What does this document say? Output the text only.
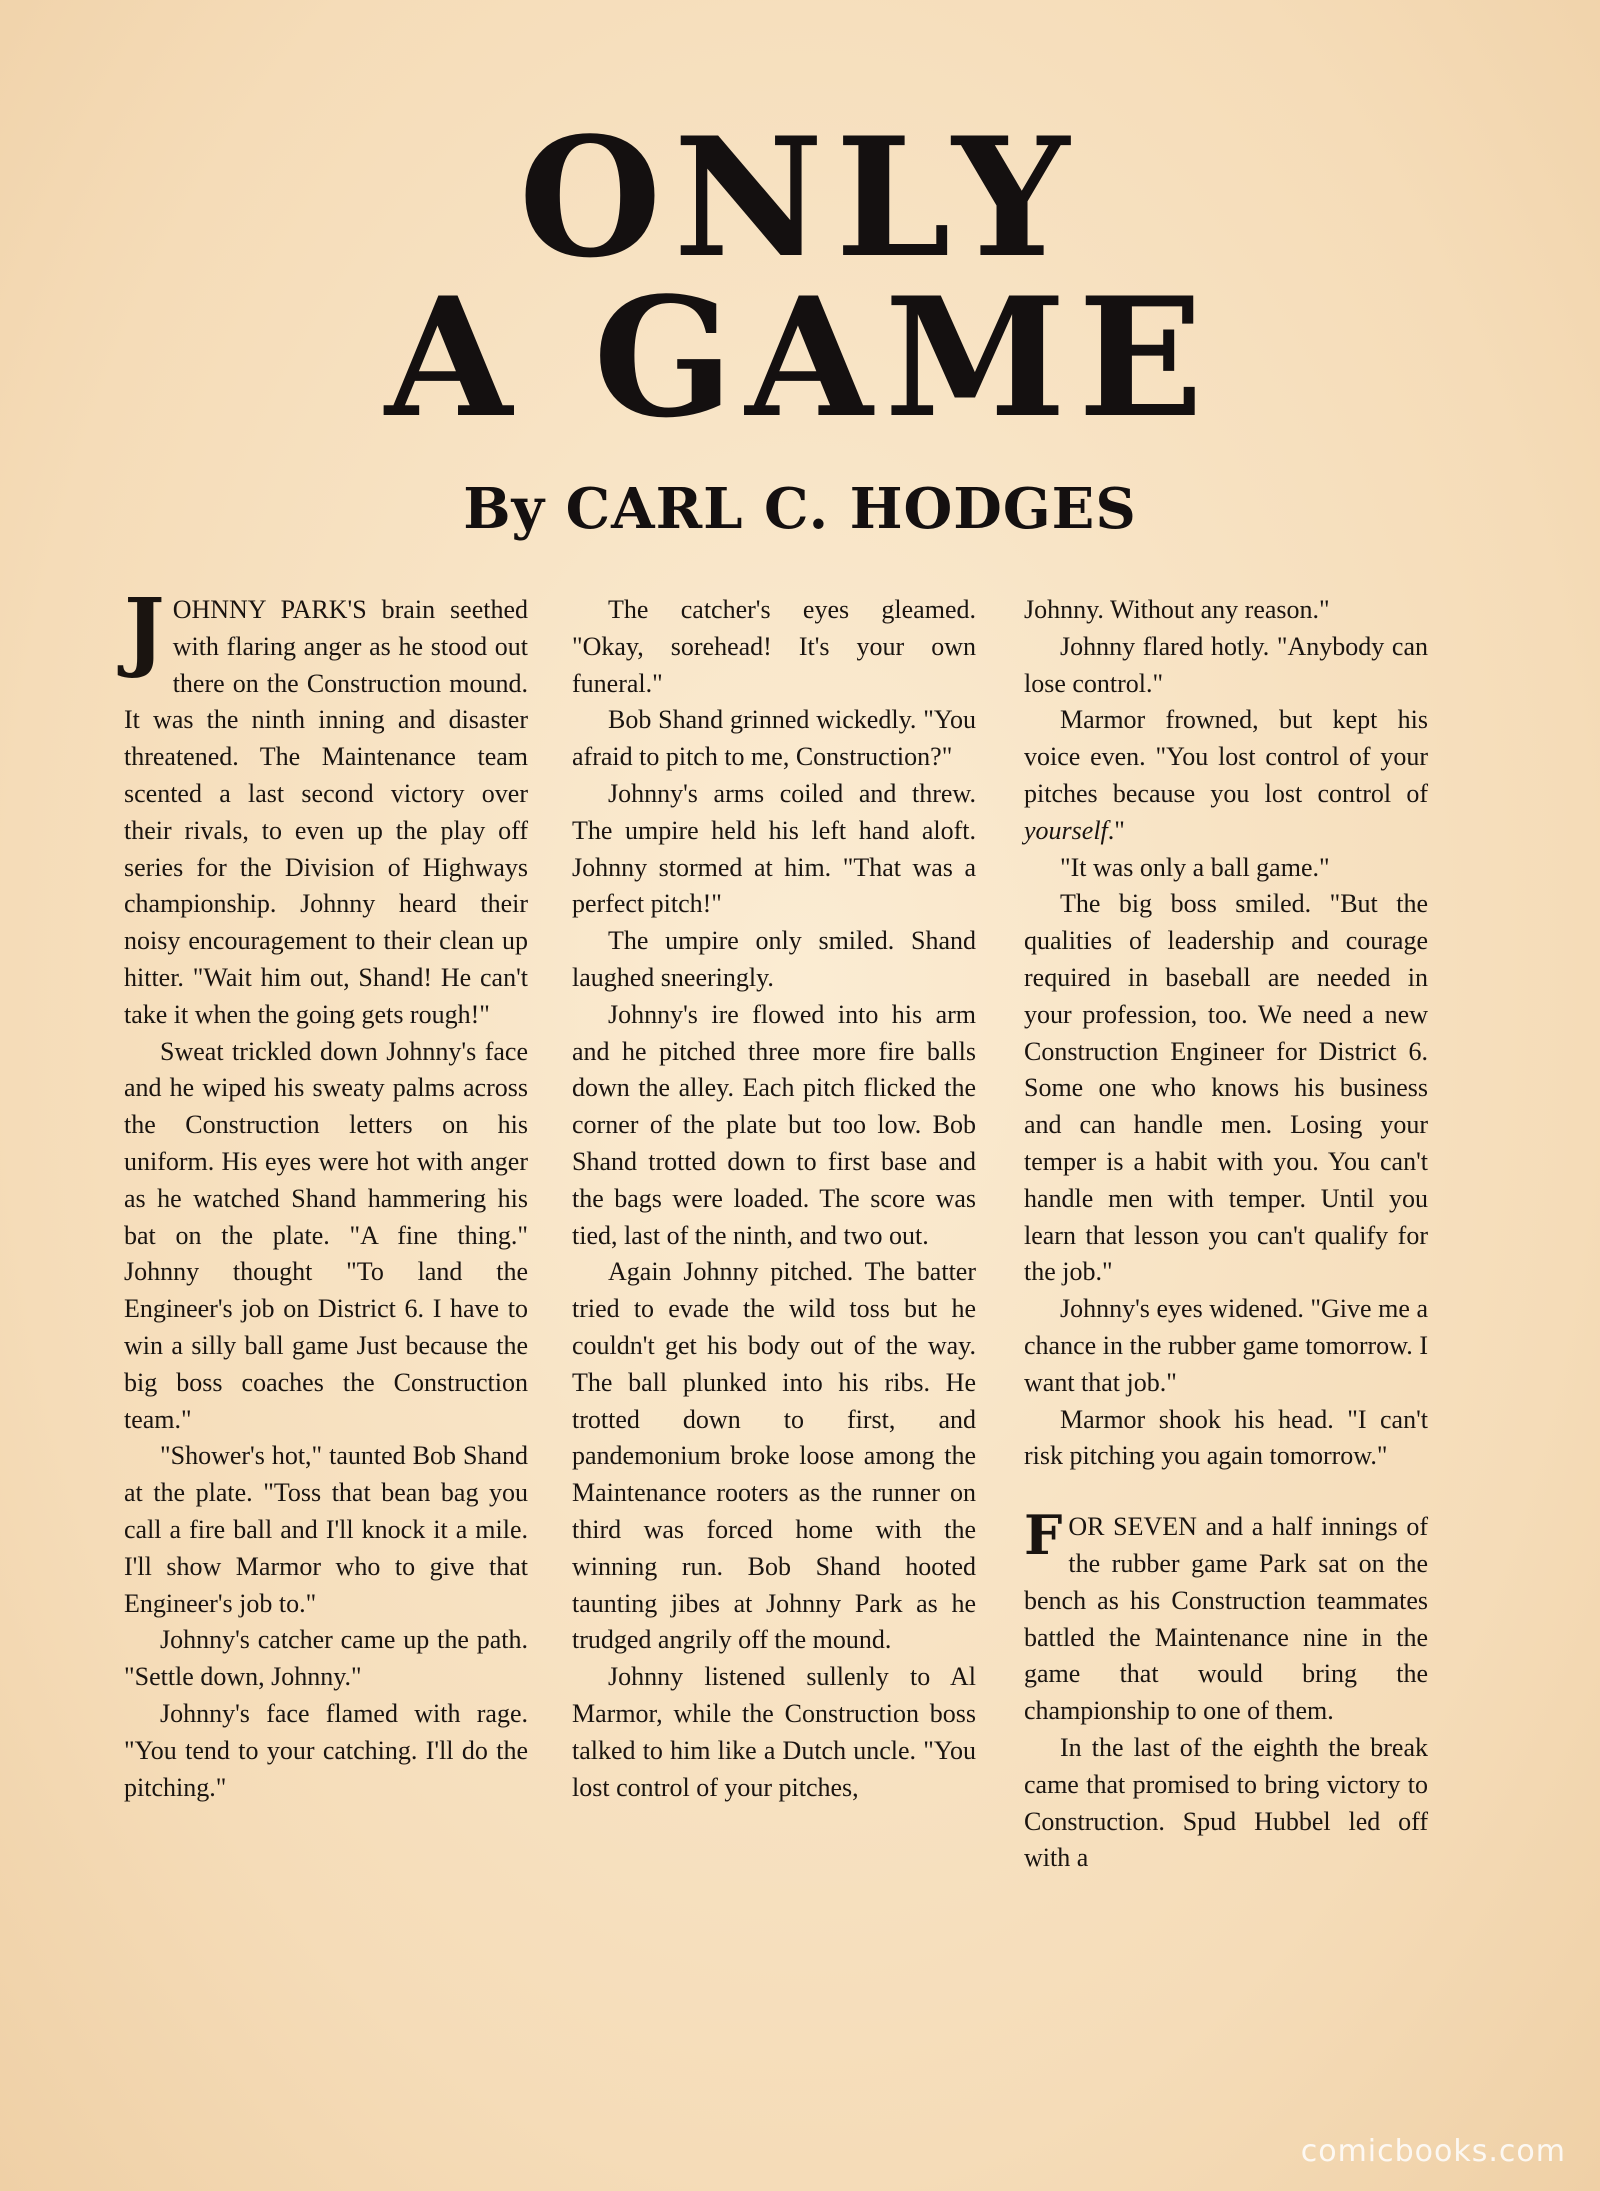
ONLY
A GAME
By CARL C. HODGES

JOHNNY PARK'S brain seethed with flaring anger as he stood out there on the Construction mound. It was the ninth inning and disaster threatened. The Maintenance team scented a last second victory over their rivals, to even up the play off series for the Division of Highways championship. Johnny heard their noisy encouragement to their clean up hitter. "Wait him out, Shand! He can't take it when the going gets rough!"

Sweat trickled down Johnny's face and he wiped his sweaty palms across the Construction letters on his uniform. His eyes were hot with anger as he watched Shand hammering his bat on the plate. "A fine thing." Johnny thought "To land the Engineer's job on District 6. I have to win a silly ball game Just because the big boss coaches the Construction team."

"Shower's hot," taunted Bob Shand at the plate. "Toss that bean bag you call a fire ball and I'll knock it a mile. I'll show Marmor who to give that Engineer's job to."

Johnny's catcher came up the path. "Settle down, Johnny."

Johnny's face flamed with rage. "You tend to your catching. I'll do the pitching."

The catcher's eyes gleamed. "Okay, sorehead! It's your own funeral."

Bob Shand grinned wickedly. "You afraid to pitch to me, Construction?"

Johnny's arms coiled and threw. The umpire held his left hand aloft. Johnny stormed at him. "That was a perfect pitch!"

The umpire only smiled. Shand laughed sneeringly.

Johnny's ire flowed into his arm and he pitched three more fire balls down the alley. Each pitch flicked the corner of the plate but too low. Bob Shand trotted down to first base and the bags were loaded. The score was tied, last of the ninth, and two out.

Again Johnny pitched. The batter tried to evade the wild toss but he couldn't get his body out of the way. The ball plunked into his ribs. He trotted down to first, and pandemonium broke loose among the Maintenance rooters as the runner on third was forced home with the winning run. Bob Shand hooted taunting jibes at Johnny Park as he trudged angrily off the mound.

Johnny listened sullenly to Al Marmor, while the Construction boss talked to him like a Dutch uncle. "You lost control of your pitches,

Johnny. Without any reason."

Johnny flared hotly. "Anybody can lose control."

Marmor frowned, but kept his voice even. "You lost control of your pitches because you lost control of yourself."

"It was only a ball game."

The big boss smiled. "But the qualities of leadership and courage required in baseball are needed in your profession, too. We need a new Construction Engineer for District 6. Some one who knows his business and can handle men. Losing your temper is a habit with you. You can't handle men with temper. Until you learn that lesson you can't qualify for the job."

Johnny's eyes widened. "Give me a chance in the rubber game tomorrow. I want that job."

Marmor shook his head. "I can't risk pitching you again tomorrow."

FOR SEVEN and a half innings of the rubber game Park sat on the bench as his Construction teammates battled the Maintenance nine in the game that would bring the championship to one of them.

In the last of the eighth the break came that promised to bring victory to Construction. Spud Hubbel led off with a

comicbooks.com
